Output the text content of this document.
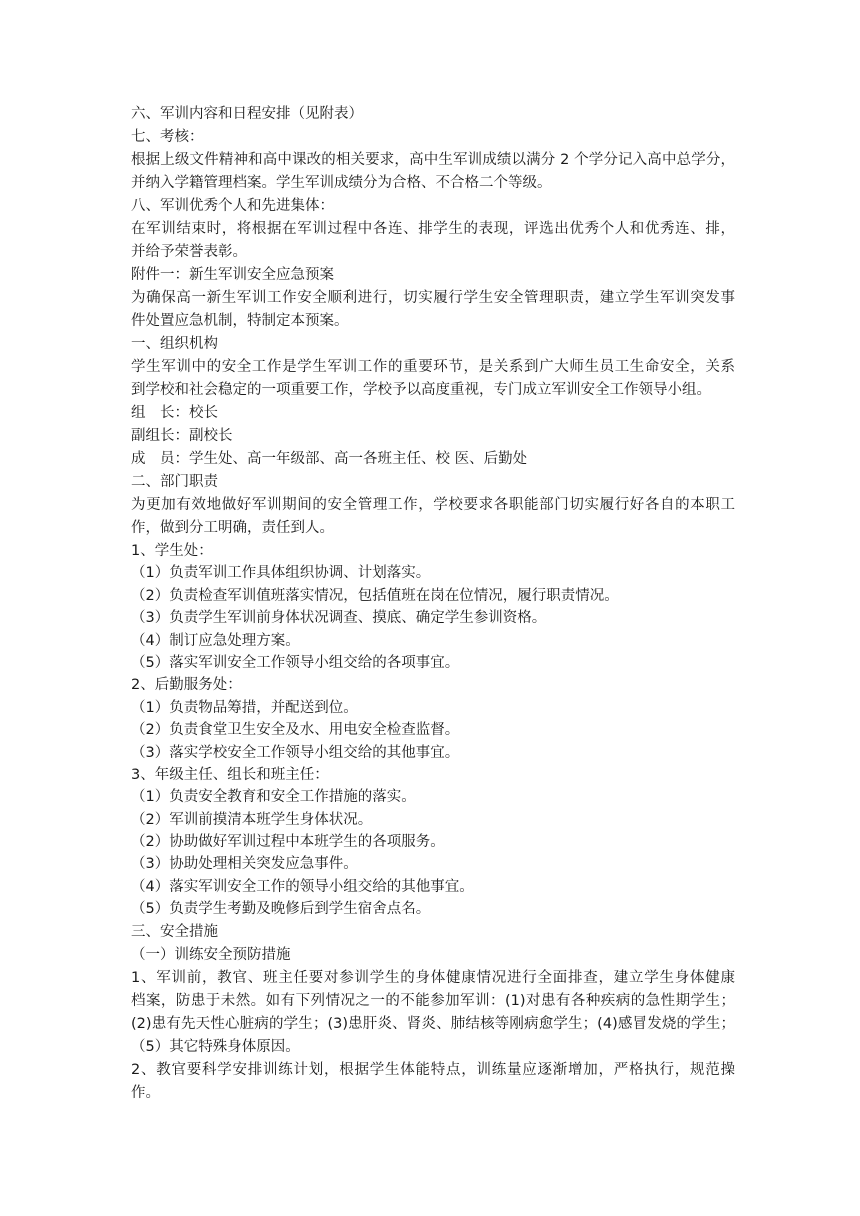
六、军训内容和日程安排（见附表）
七、考核：
根据上级文件精神和高中课改的相关要求，高中生军训成绩以满分 2 个学分记入高中总学分，
并纳入学籍管理档案。学生军训成绩分为合格、不合格二个等级。
八、军训优秀个人和先进集体：
在军训结束时，将根据在军训过程中各连、排学生的表现，评选出优秀个人和优秀连、排，
并给予荣誉表彰。
附件一：新生军训安全应急预案
为确保高一新生军训工作安全顺利进行，切实履行学生安全管理职责，建立学生军训突发事
件处置应急机制，特制定本预案。
一、组织机构
学生军训中的安全工作是学生军训工作的重要环节，是关系到广大师生员工生命安全，关系
到学校和社会稳定的一项重要工作，学校予以高度重视，专门成立军训安全工作领导小组。
组　长：校长
副组长：副校长
成　员：学生处、高一年级部、高一各班主任、校 医、后勤处
二、部门职责
为更加有效地做好军训期间的安全管理工作，学校要求各职能部门切实履行好各自的本职工
作，做到分工明确，责任到人。
1、学生处：
（1）负责军训工作具体组织协调、计划落实。
（2）负责检查军训值班落实情况，包括值班在岗在位情况，履行职责情况。
（3）负责学生军训前身体状况调查、摸底、确定学生参训资格。
（4）制订应急处理方案。
（5）落实军训安全工作领导小组交给的各项事宜。
2、后勤服务处：
（1）负责物品筹措，并配送到位。
（2）负责食堂卫生安全及水、用电安全检查监督。
（3）落实学校安全工作领导小组交给的其他事宜。
3、年级主任、组长和班主任：
（1）负责安全教育和安全工作措施的落实。
（2）军训前摸清本班学生身体状况。
（2）协助做好军训过程中本班学生的各项服务。
（3）协助处理相关突发应急事件。
（4）落实军训安全工作的领导小组交给的其他事宜。
（5）负责学生考勤及晚修后到学生宿舍点名。
三、安全措施
（一）训练安全预防措施
1、军训前，教官、班主任要对参训学生的身体健康情况进行全面排查，建立学生身体健康
档案，防患于未然。如有下列情况之一的不能参加军训：(1)对患有各种疾病的急性期学生；
(2)患有先天性心脏病的学生；(3)患肝炎、肾炎、肺结核等刚病愈学生；(4)感冒发烧的学生；
（5）其它特殊身体原因。
2、教官要科学安排训练计划，根据学生体能特点，训练量应逐渐增加，严格执行，规范操
作。
